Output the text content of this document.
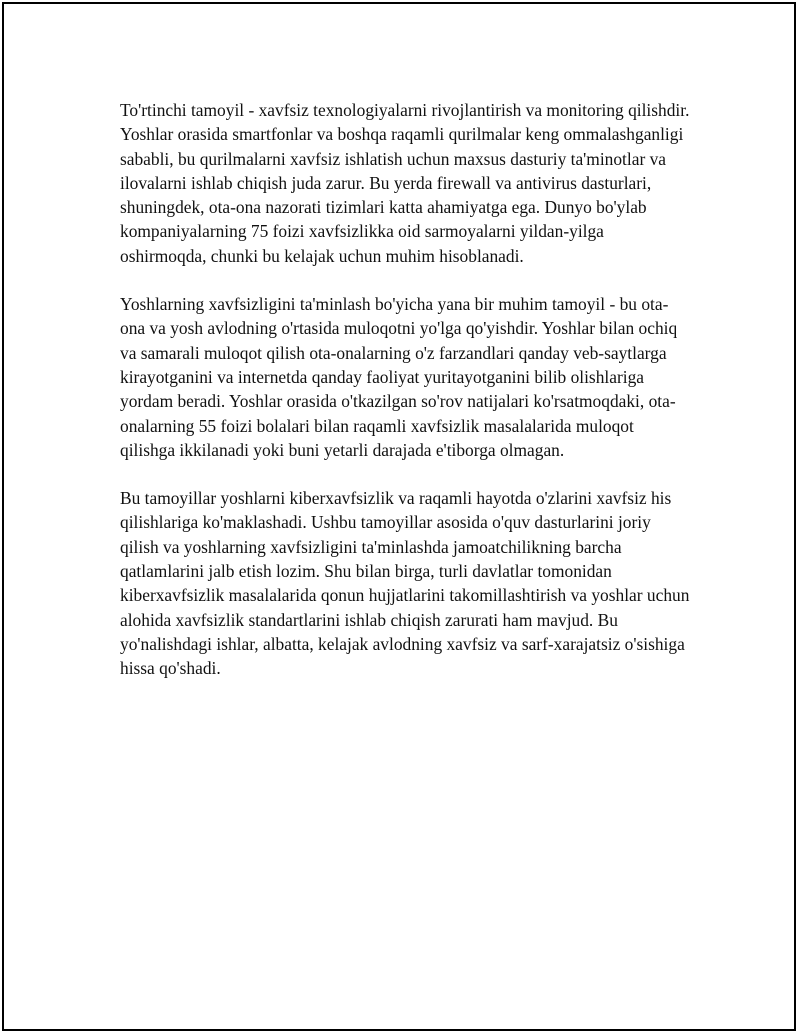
To'rtinchi tamoyil - xavfsiz texnologiyalarni rivojlantirish va monitoring qilishdir. Yoshlar orasida smartfonlar va boshqa raqamli qurilmalar keng ommalashganligi sababli, bu qurilmalarni xavfsiz ishlatish uchun maxsus dasturiy ta'minotlar va ilovalarni ishlab chiqish juda zarur. Bu yerda firewall va antivirus dasturlari, shuningdek, ota-ona nazorati tizimlari katta ahamiyatga ega. Dunyo bo'ylab kompaniyalarning 75 foizi xavfsizlikka oid sarmoyalarni yildan-yilga oshirmoqda, chunki bu kelajak uchun muhim hisoblanadi.

Yoshlarning xavfsizligini ta'minlash bo'yicha yana bir muhim tamoyil - bu ota-ona va yosh avlodning o'rtasida muloqotni yo'lga qo'yishdir. Yoshlar bilan ochiq va samarali muloqot qilish ota-onalarning o'z farzandlari qanday veb-saytlarga kirayotganini va internetda qanday faoliyat yuritayotganini bilib olishlariga yordam beradi. Yoshlar orasida o'tkazilgan so'rov natijalari ko'rsatmoqdaki, ota-onalarning 55 foizi bolalari bilan raqamli xavfsizlik masalalarida muloqot qilishga ikkilanadi yoki buni yetarli darajada e'tiborga olmagan.

Bu tamoyillar yoshlarni kiberxavfsizlik va raqamli hayotda o'zlarini xavfsiz his qilishlariga ko'maklashadi. Ushbu tamoyillar asosida o'quv dasturlarini joriy qilish va yoshlarning xavfsizligini ta'minlashda jamoatchilikning barcha qatlamlarini jalb etish lozim. Shu bilan birga, turli davlatlar tomonidan kiberxavfsizlik masalalarida qonun hujjatlarini takomillashtirish va yoshlar uchun alohida xavfsizlik standartlarini ishlab chiqish zarurati ham mavjud. Bu yo'nalishdagi ishlar, albatta, kelajak avlodning xavfsiz va sarf-xarajatsiz o'sishiga hissa qo'shadi.
